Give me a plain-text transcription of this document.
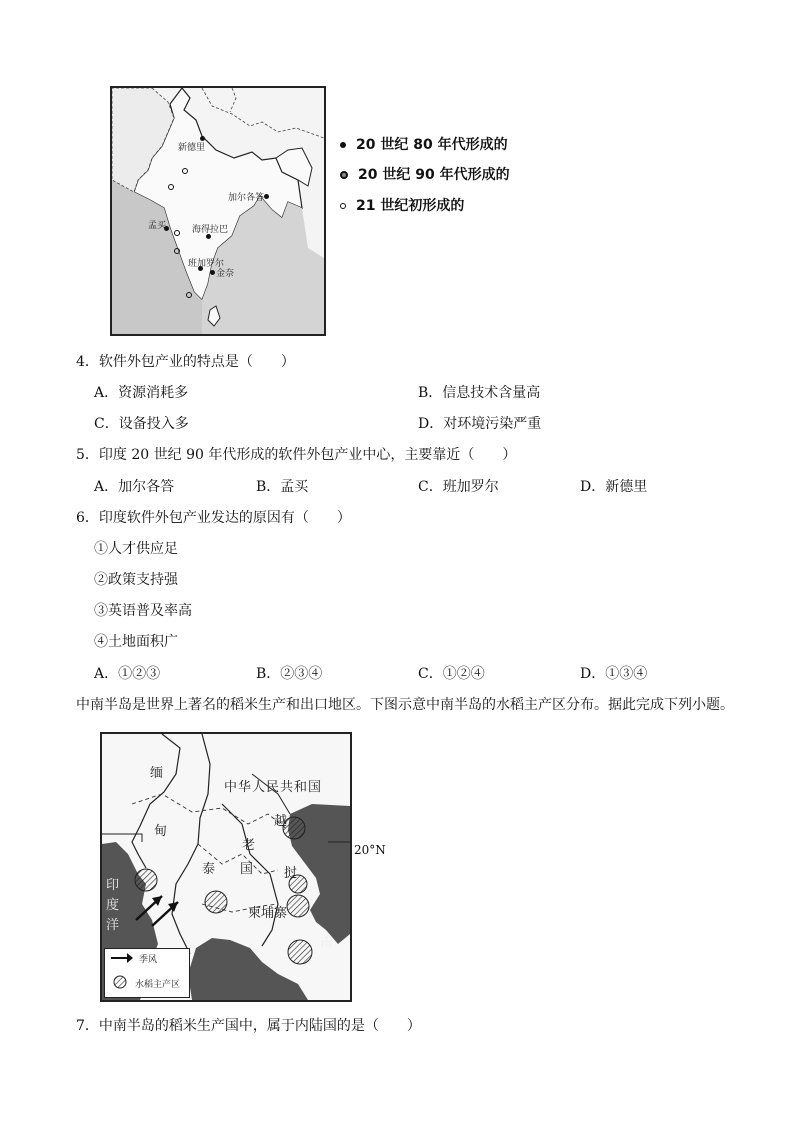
新德里
加尔各答
孟买	海得拉巴
班加罗尔
金奈
20 世纪 80 年代形成的
20 世纪 90 年代形成的
21 世纪初形成的
4．软件外包产业的特点是（　　）
A．资源消耗多	B．信息技术含量高
C．设备投入多	D．对环境污染严重
5．印度 20 世纪 90 年代形成的软件外包产业中心，主要靠近（　　）
A．加尔各答	B．孟买	C．班加罗尔	D．新德里
6．印度软件外包产业发达的原因有（　　）
①人才供应足
②政策支持强
③英语普及率高
④土地面积广
A．①②③	B．②③④	C．①②④	D．①③④
中南半岛是世界上著名的稻米生产和出口地区。下图示意中南半岛的水稻主产区分布。据此完成下列小题。
缅
甸
中华人民共和国
越
老
泰 国 挝
柬埔寨
南
印
度
洋
季风
水稻主产区
20°N
7．中南半岛的稻米生产国中，属于内陆国的是（　　）
